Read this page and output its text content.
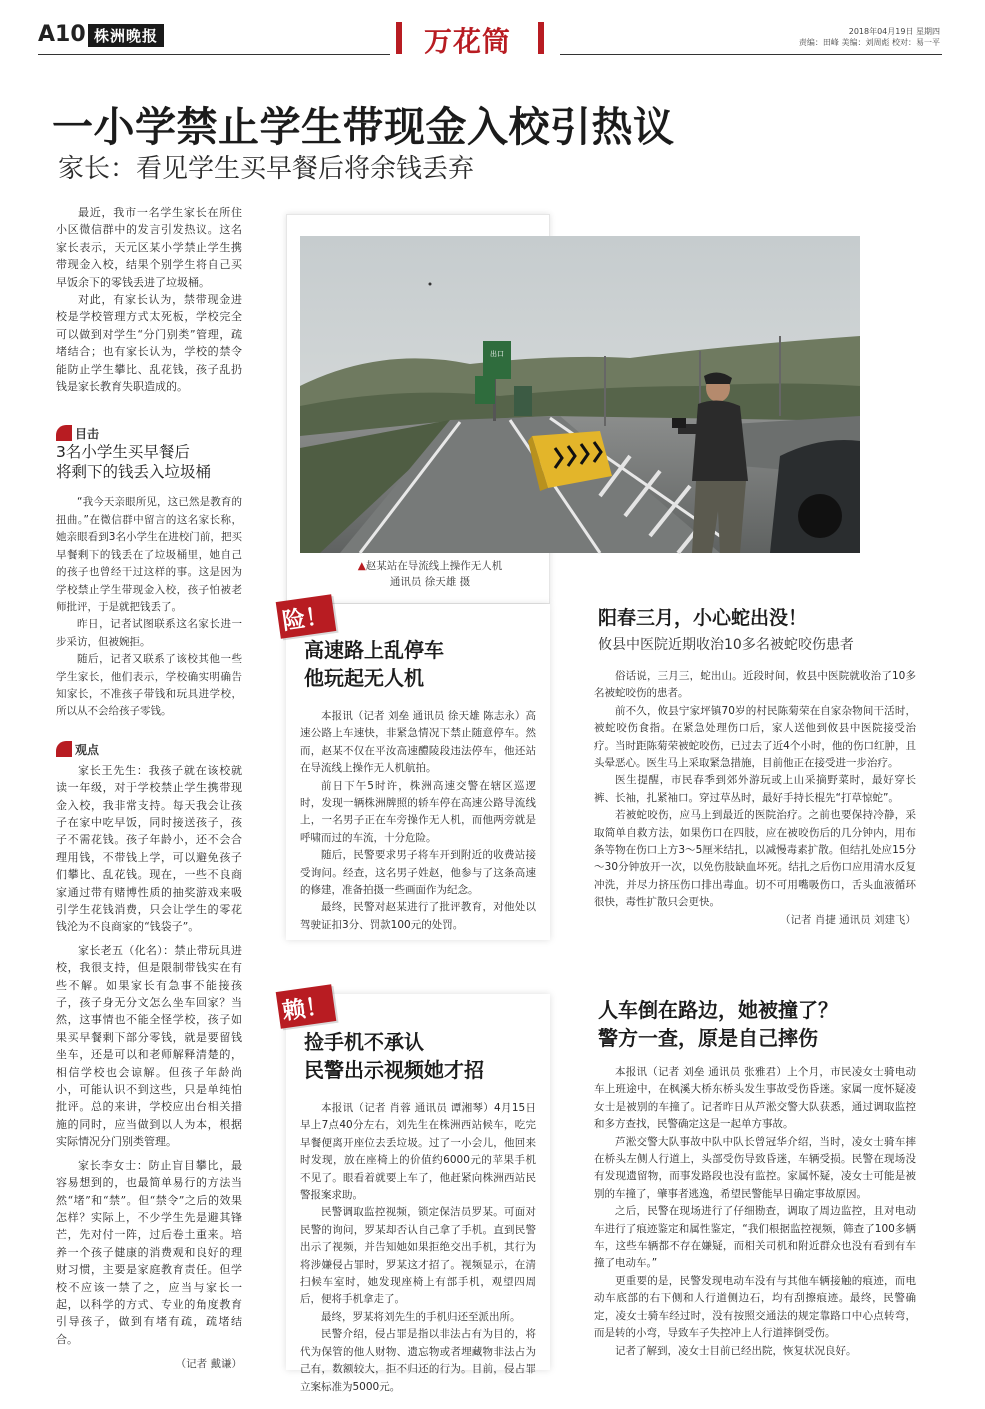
A10 株洲晚报	万花筒	2018年04月19日 星期四
责编：田峰 美编：刘周彪 校对：易一平
一小学禁止学生带现金入校引热议
家长：看见学生买早餐后将余钱丢弃

最近，我市一名学生家长在所住小区微信群中的发言引发热议。这名家长表示，天元区某小学禁止学生携带现金入校，结果个别学生将自己买早饭余下的零钱丢进了垃圾桶。

对此，有家长认为，禁带现金进校是学校管理方式太死板，学校完全可以做到对学生“分门别类”管理，疏堵结合；也有家长认为，学校的禁令能防止学生攀比、乱花钱，孩子乱扔钱是家长教育失职造成的。

目击
3名小学生买早餐后
将剩下的钱丢入垃圾桶

“我今天亲眼所见，这已然是教育的扭曲。”在微信群中留言的这名家长称，她亲眼看到3名小学生在进校门前，把买早餐剩下的钱丢在了垃圾桶里，她自己的孩子也曾经干过这样的事。这是因为学校禁止学生带现金入校，孩子怕被老师批评，于是就把钱丢了。

昨日，记者试图联系这名家长进一步采访，但被婉拒。

随后，记者又联系了该校其他一些学生家长，他们表示，学校确实明确告知家长，不准孩子带钱和玩具进学校，所以从不会给孩子零钱。

观点

家长王先生：我孩子就在该校就读一年级，对于学校禁止学生携带现金入校，我非常支持。每天我会让孩子在家中吃早饭，同时接送孩子，孩子不需花钱。孩子年龄小，还不会合理用钱，不带钱上学，可以避免孩子们攀比、乱花钱。现在，一些不良商家通过带有赌博性质的抽奖游戏来吸引学生花钱消费，只会让学生的零花钱沦为不良商家的“钱袋子”。

家长老五（化名）：禁止带玩具进校，我很支持，但是限制带钱实在有些不解。如果家长有急事不能接孩子，孩子身无分文怎么坐车回家？当然，这事情也不能全怪学校，孩子如果买早餐剩下部分零钱，就是要留钱坐车，还是可以和老师解释清楚的，相信学校也会谅解。但孩子年龄尚小，可能认识不到这些，只是单纯怕批评。总的来讲，学校应出台相关措施的同时，应当做到以人为本，根据实际情况分门别类管理。

家长李女士：防止盲目攀比，最容易想到的，也最简单易行的方法当然“堵”和“禁”。但“禁令”之后的效果怎样？实际上，不少学生先是避其锋芒，先对付一阵，过后卷土重来。培养一个孩子健康的消费观和良好的理财习惯，主要是家庭教育责任。但学校不应该一禁了之，应当与家长一起，以科学的方式、专业的角度教育引导孩子，做到有堵有疏，疏堵结合。

（记者 戴谦）
出口
▲赵某站在导流线上操作无人机
通讯员 徐天雄 摄
险！
高速路上乱停车
他玩起无人机

本报讯（记者 刘垒 通讯员 徐天雄 陈志永）高速公路上车速快，非紧急情况下禁止随意停车。然而，赵某不仅在平汝高速醴陵段违法停车，他还站在导流线上操作无人机航拍。

前日下午5时许，株洲高速交警在辖区巡逻时，发现一辆株洲牌照的轿车停在高速公路导流线上，一名男子正在车旁操作无人机，而他两旁就是呼啸而过的车流，十分危险。

随后，民警要求男子将车开到附近的收费站接受询问。经查，这名男子姓赵，他参与了这条高速的修建，准备拍摄一些画面作为纪念。

最终，民警对赵某进行了批评教育，对他处以驾驶证扣3分、罚款100元的处罚。

阳春三月，小心蛇出没！
攸县中医院近期收治10多名被蛇咬伤患者

俗话说，三月三，蛇出山。近段时间，攸县中医院就收治了10多名被蛇咬伤的患者。

前不久，攸县宁家坪镇70岁的村民陈菊荣在自家杂物间干活时，被蛇咬伤食指。在紧急处理伤口后，家人送他到攸县中医院接受治疗。当时距陈菊荣被蛇咬伤，已过去了近4个小时，他的伤口红肿，且头晕恶心。医生马上采取紧急措施，目前他正在接受进一步治疗。

医生提醒，市民春季到郊外游玩或上山采摘野菜时，最好穿长裤、长袖，扎紧袖口。穿过草丛时，最好手持长棍先“打草惊蛇”。

若被蛇咬伤，应马上到最近的医院治疗。之前也要保持冷静，采取简单自救方法，如果伤口在四肢，应在被咬伤后的几分钟内，用布条等物在伤口上方3～5厘米结扎，以减慢毒素扩散。但结扎处应15分～30分钟放开一次，以免伤肢缺血坏死。结扎之后伤口应用清水反复冲洗，并尽力挤压伤口排出毒血。切不可用嘴吸伤口，舌头血液循环很快，毒性扩散只会更快。

（记者 肖捷 通讯员 刘建飞）
赖！
捡手机不承认
民警出示视频她才招

本报讯（记者 肖蓉 通讯员 谭湘琴）4月15日早上7点40分左右，刘先生在株洲西站候车，吃完早餐便离开座位去丢垃圾。过了一小会儿，他回来时发现，放在座椅上的价值约6000元的苹果手机不见了。眼看着就要上车了，他赶紧向株洲西站民警报案求助。

民警调取监控视频，锁定保洁员罗某。可面对民警的询问，罗某却否认自己拿了手机。直到民警出示了视频，并告知她如果拒绝交出手机，其行为将涉嫌侵占罪时，罗某这才招了。视频显示，在清扫候车室时，她发现座椅上有部手机，观望四周后，便将手机拿走了。

最终，罗某将刘先生的手机归还至派出所。

民警介绍，侵占罪是指以非法占有为目的，将代为保管的他人财物、遗忘物或者埋藏物非法占为己有，数额较大，拒不归还的行为。目前，侵占罪立案标准为5000元。

人车倒在路边，她被撞了？
警方一查，原是自己摔伤

本报讯（记者 刘垒 通讯员 张雅君）上个月，市民凌女士骑电动车上班途中，在枫溪大桥东桥头发生事故受伤昏迷。家属一度怀疑凌女士是被别的车撞了。记者昨日从芦淞交警大队获悉，通过调取监控和多方查找，民警确定这是一起单方事故。

芦淞交警大队事故中队中队长曾冠华介绍，当时，凌女士骑车摔在桥头左侧人行道上，头部受伤导致昏迷，车辆受损。民警在现场没有发现遗留物，而事发路段也没有监控。家属怀疑，凌女士可能是被别的车撞了，肇事者逃逸，希望民警能早日确定事故原因。

之后，民警在现场进行了仔细勘查，调取了周边监控，且对电动车进行了痕迹鉴定和属性鉴定，“我们根据监控视频，筛查了100多辆车，这些车辆都不存在嫌疑，而相关司机和附近群众也没有看到有车撞了电动车。”

更重要的是，民警发现电动车没有与其他车辆接触的痕迹，而电动车底部的右下侧和人行道侧边石，均有刮擦痕迹。最终，民警确定，凌女士骑车经过时，没有按照交通法的规定靠路口中心点转弯，而是转的小弯，导致车子失控冲上人行道摔倒受伤。

记者了解到，凌女士目前已经出院，恢复状况良好。
